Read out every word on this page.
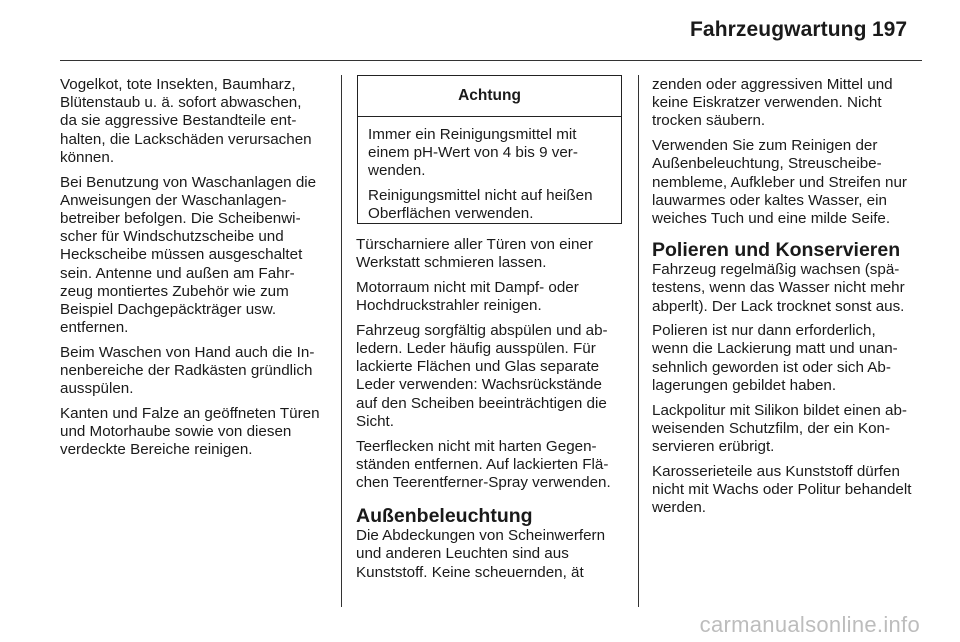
Fahrzeugwartung 197

Vogelkot, tote Insekten, Baumharz, Blütenstaub u. ä. sofort abwaschen, da sie aggressive Bestandteile enthalten, die Lackschäden verursachen können.

Bei Benutzung von Waschanlagen die Anweisungen der Waschanlagenbetreiber befolgen. Die Scheibenwischer für Windschutzscheibe und Heckscheibe müssen ausgeschaltet sein. Antenne und außen am Fahrzeug montiertes Zubehör wie zum Beispiel Dachgepäckträger usw. entfernen.

Beim Waschen von Hand auch die Innenbereiche der Radkästen gründlich ausspülen.

Kanten und Falze an geöffneten Türen und Motorhaube sowie von diesen verdeckte Bereiche reinigen.

Achtung

Immer ein Reinigungsmittel mit einem pH-Wert von 4 bis 9 verwenden.

Reinigungsmittel nicht auf heißen Oberflächen verwenden.

Türscharniere aller Türen von einer Werkstatt schmieren lassen.

Motorraum nicht mit Dampf- oder Hochdruckstrahler reinigen.

Fahrzeug sorgfältig abspülen und abledern. Leder häufig ausspülen. Für lackierte Flächen und Glas separate Leder verwenden: Wachsrückstände auf den Scheiben beeinträchtigen die Sicht.

Teerflecken nicht mit harten Gegenständen entfernen. Auf lackierten Flächen Teerentferner-Spray verwenden.

Außenbeleuchtung

Die Abdeckungen von Scheinwerfern und anderen Leuchten sind aus Kunststoff. Keine scheuernden, ät

zenden oder aggressiven Mittel und keine Eiskratzer verwenden. Nicht trocken säubern.

Verwenden Sie zum Reinigen der Außenbeleuchtung, Streuscheibenembleme, Aufkleber und Streifen nur lauwarmes oder kaltes Wasser, ein weiches Tuch und eine milde Seife.

Polieren und Konservieren

Fahrzeug regelmäßig wachsen (spätestens, wenn das Wasser nicht mehr abperlt). Der Lack trocknet sonst aus.

Polieren ist nur dann erforderlich, wenn die Lackierung matt und unansehnlich geworden ist oder sich Ablagerungen gebildet haben.

Lackpolitur mit Silikon bildet einen abweisenden Schutzfilm, der ein Konservieren erübrigt.

Karosserieteile aus Kunststoff dürfen nicht mit Wachs oder Politur behandelt werden.

carmanualsonline.info
